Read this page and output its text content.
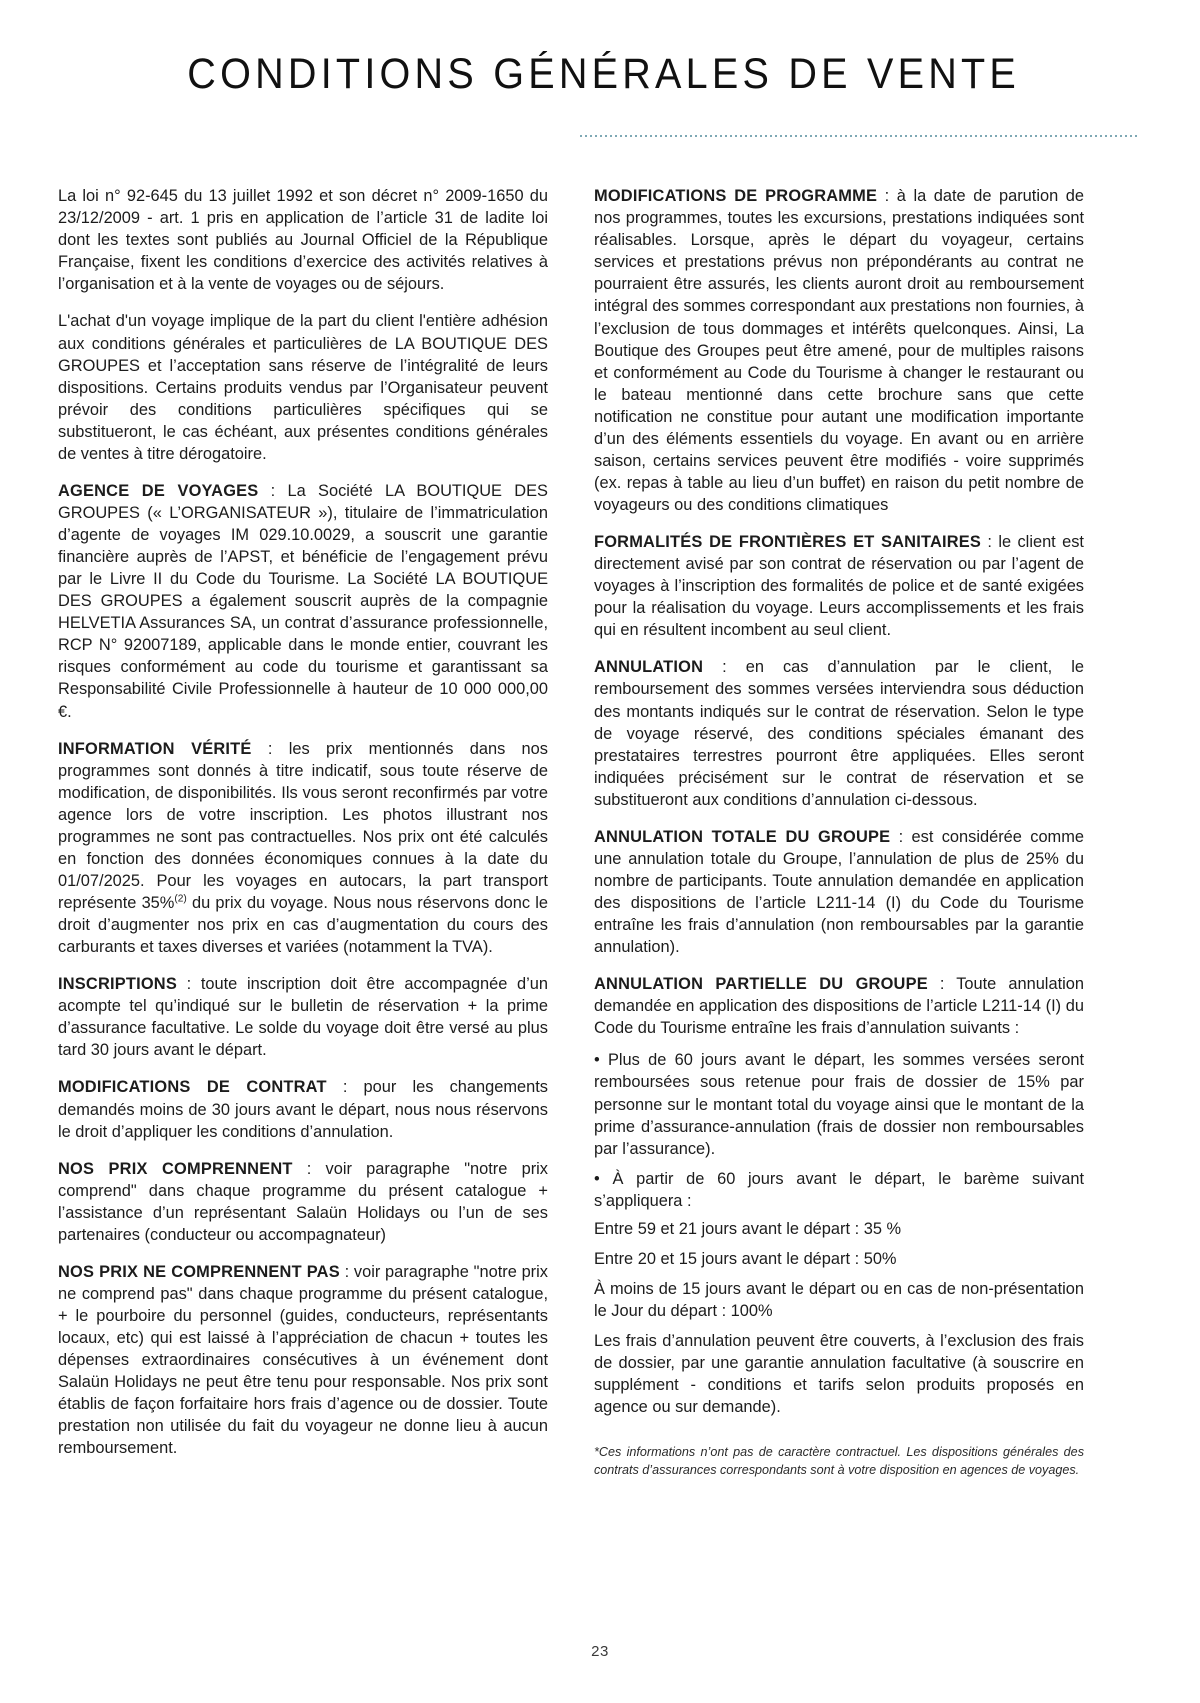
CONDITIONS GÉNÉRALES DE VENTE

La loi n° 92-645 du 13 juillet 1992 et son décret n° 2009-1650 du 23/12/2009 - art. 1 pris en application de l’article 31 de ladite loi dont les textes sont publiés au Journal Officiel de la République Française, fixent les conditions d’exercice des activités relatives à l’organisation et à la vente de voyages ou de séjours.

L'achat d'un voyage implique de la part du client l'entière adhésion aux conditions générales et particulières de LA BOUTIQUE DES GROUPES et l’acceptation sans réserve de l’intégralité de leurs dispositions. Certains produits vendus par l’Organisateur peuvent prévoir des conditions particulières spécifiques qui se substitueront, le cas échéant, aux présentes conditions générales de ventes à titre dérogatoire.

AGENCE DE VOYAGES : La Société LA BOUTIQUE DES GROUPES (« L’ORGANISATEUR »), titulaire de l’immatriculation d’agente de voyages IM 029.10.0029, a souscrit une garantie financière auprès de l’APST, et bénéficie de l’engagement prévu par le Livre II du Code du Tourisme. La Société LA BOUTIQUE DES GROUPES a également souscrit auprès de la compagnie HELVETIA Assurances SA, un contrat d’assurance professionnelle, RCP N° 92007189, applicable dans le monde entier, couvrant les risques conformément au code du tourisme et garantissant sa Responsabilité Civile Professionnelle à hauteur de 10 000 000,00 €.

INFORMATION VÉRITÉ : les prix mentionnés dans nos programmes sont donnés à titre indicatif, sous toute réserve de modification, de disponibilités. Ils vous seront reconfirmés par votre agence lors de votre inscription. Les photos illustrant nos programmes ne sont pas contractuelles. Nos prix ont été calculés en fonction des données économiques connues à la date du 01/07/2025. Pour les voyages en autocars, la part transport représente 35%$^{(2)}$ du prix du voyage. Nous nous réservons donc le droit d’augmenter nos prix en cas d’augmentation du cours des carburants et taxes diverses et variées (notamment la TVA).

INSCRIPTIONS : toute inscription doit être accompagnée d’un acompte tel qu’indiqué sur le bulletin de réservation + la prime d’assurance facultative. Le solde du voyage doit être versé au plus tard 30 jours avant le départ.

MODIFICATIONS DE CONTRAT : pour les changements demandés moins de 30 jours avant le départ, nous nous réservons le droit d’appliquer les conditions d’annulation.

NOS PRIX COMPRENNENT : voir paragraphe "notre prix comprend" dans chaque programme du présent catalogue + l’assistance d’un représentant Salaün Holidays ou l’un de ses partenaires (conducteur ou accompagnateur)

NOS PRIX NE COMPRENNENT PAS : voir paragraphe "notre prix ne comprend pas" dans chaque programme du présent catalogue, + le pourboire du personnel (guides, conducteurs, représentants locaux, etc) qui est laissé à l’appréciation de chacun + toutes les dépenses extraordinaires consécutives à un événement dont Salaün Holidays ne peut être tenu pour responsable. Nos prix sont établis de façon forfaitaire hors frais d’agence ou de dossier. Toute prestation non utilisée du fait du voyageur ne donne lieu à aucun remboursement.

MODIFICATIONS DE PROGRAMME : à la date de parution de nos programmes, toutes les excursions, prestations indiquées sont réalisables. Lorsque, après le départ du voyageur, certains services et prestations prévus non prépondérants au contrat ne pourraient être assurés, les clients auront droit au remboursement intégral des sommes correspondant aux prestations non fournies, à l’exclusion de tous dommages et intérêts quelconques. Ainsi, La Boutique des Groupes peut être amené, pour de multiples raisons et conformément au Code du Tourisme à changer le restaurant ou le bateau mentionné dans cette brochure sans que cette notification ne constitue pour autant une modification importante d’un des éléments essentiels du voyage. En avant ou en arrière saison, certains services peuvent être modifiés - voire supprimés (ex. repas à table au lieu d’un buffet) en raison du petit nombre de voyageurs ou des conditions climatiques

FORMALITÉS DE FRONTIÈRES ET SANITAIRES : le client est directement avisé par son contrat de réservation ou par l’agent de voyages à l’inscription des formalités de police et de santé exigées pour la réalisation du voyage. Leurs accomplissements et les frais qui en résultent incombent au seul client.

ANNULATION : en cas d’annulation par le client, le remboursement des sommes versées interviendra sous déduction des montants indiqués sur le contrat de réservation. Selon le type de voyage réservé, des conditions spéciales émanant des prestataires terrestres pourront être appliquées. Elles seront indiquées précisément sur le contrat de réservation et se substitueront aux conditions d’annulation ci-dessous.

ANNULATION TOTALE DU GROUPE : est considérée comme une annulation totale du Groupe, l’annulation de plus de 25% du nombre de participants. Toute annulation demandée en application des dispositions de l’article L211-14 (I) du Code du Tourisme entraîne les frais d’annulation (non remboursables par la garantie annulation).

ANNULATION PARTIELLE DU GROUPE : Toute annulation demandée en application des dispositions de l’article L211-14 (I) du Code du Tourisme entraîne les frais d’annulation suivants :

• Plus de 60 jours avant le départ, les sommes versées seront remboursées sous retenue pour frais de dossier de 15% par personne sur le montant total du voyage ainsi que le montant de la prime d’assurance-annulation (frais de dossier non remboursables par l’assurance).

• À partir de 60 jours avant le départ, le barème suivant s’appliquera :

Entre 59 et 21 jours avant le départ : 35 %

Entre 20 et 15 jours avant le départ : 50%

À moins de 15 jours avant le départ ou en cas de non-présentation le Jour du départ : 100%

Les frais d’annulation peuvent être couverts, à l’exclusion des frais de dossier, par une garantie annulation facultative (à souscrire en supplément - conditions et tarifs selon produits proposés en agence ou sur demande).

*Ces informations n’ont pas de caractère contractuel. Les dispositions générales des contrats d’assurances correspondants sont à votre disposition en agences de voyages.

23
